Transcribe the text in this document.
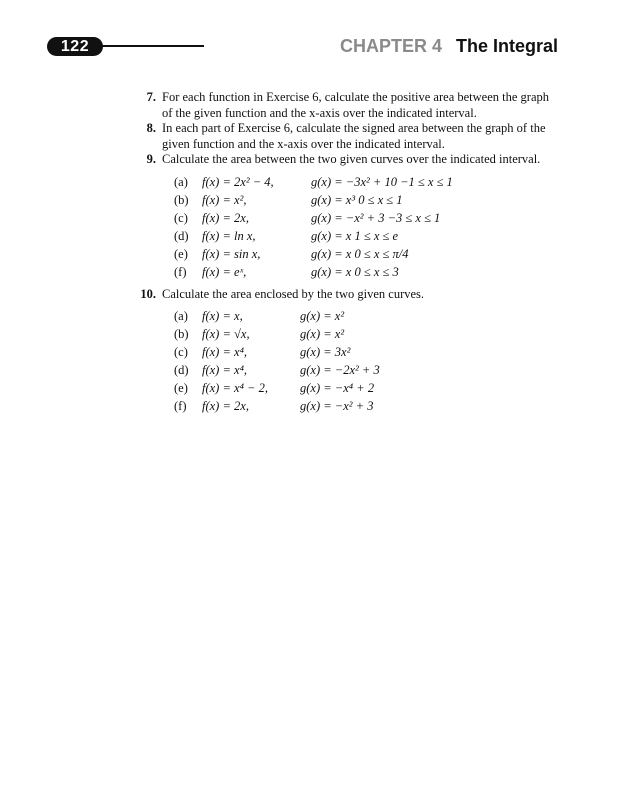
122	CHAPTER 4 The Integral
7. For each function in Exercise 6, calculate the positive area between the graph of the given function and the x-axis over the indicated interval.
8. In each part of Exercise 6, calculate the signed area between the graph of the given function and the x-axis over the indicated interval.
9. Calculate the area between the two given curves over the indicated interval.
(a)	f(x) = 2x² − 4,	g(x) = −3x² + 10 −1 ≤ x ≤ 1
(b)	f(x) = x²,	g(x) = x³ 0 ≤ x ≤ 1
(c)	f(x) = 2x,	g(x) = −x² + 3 −3 ≤ x ≤ 1
(d)	f(x) = ln x,	g(x) = x 1 ≤ x ≤ e
(e)	f(x) = sin x,	g(x) = x 0 ≤ x ≤ π/4
(f)	f(x) = eˣ,	g(x) = x 0 ≤ x ≤ 3
10. Calculate the area enclosed by the two given curves.
(a)	f(x) = x,	g(x) = x²
(b)	f(x) = √x,	g(x) = x²
(c)	f(x) = x⁴,	g(x) = 3x²
(d)	f(x) = x⁴,	g(x) = −2x² + 3
(e)	f(x) = x⁴ − 2,	g(x) = −x⁴ + 2
(f)	f(x) = 2x,	g(x) = −x² + 3
